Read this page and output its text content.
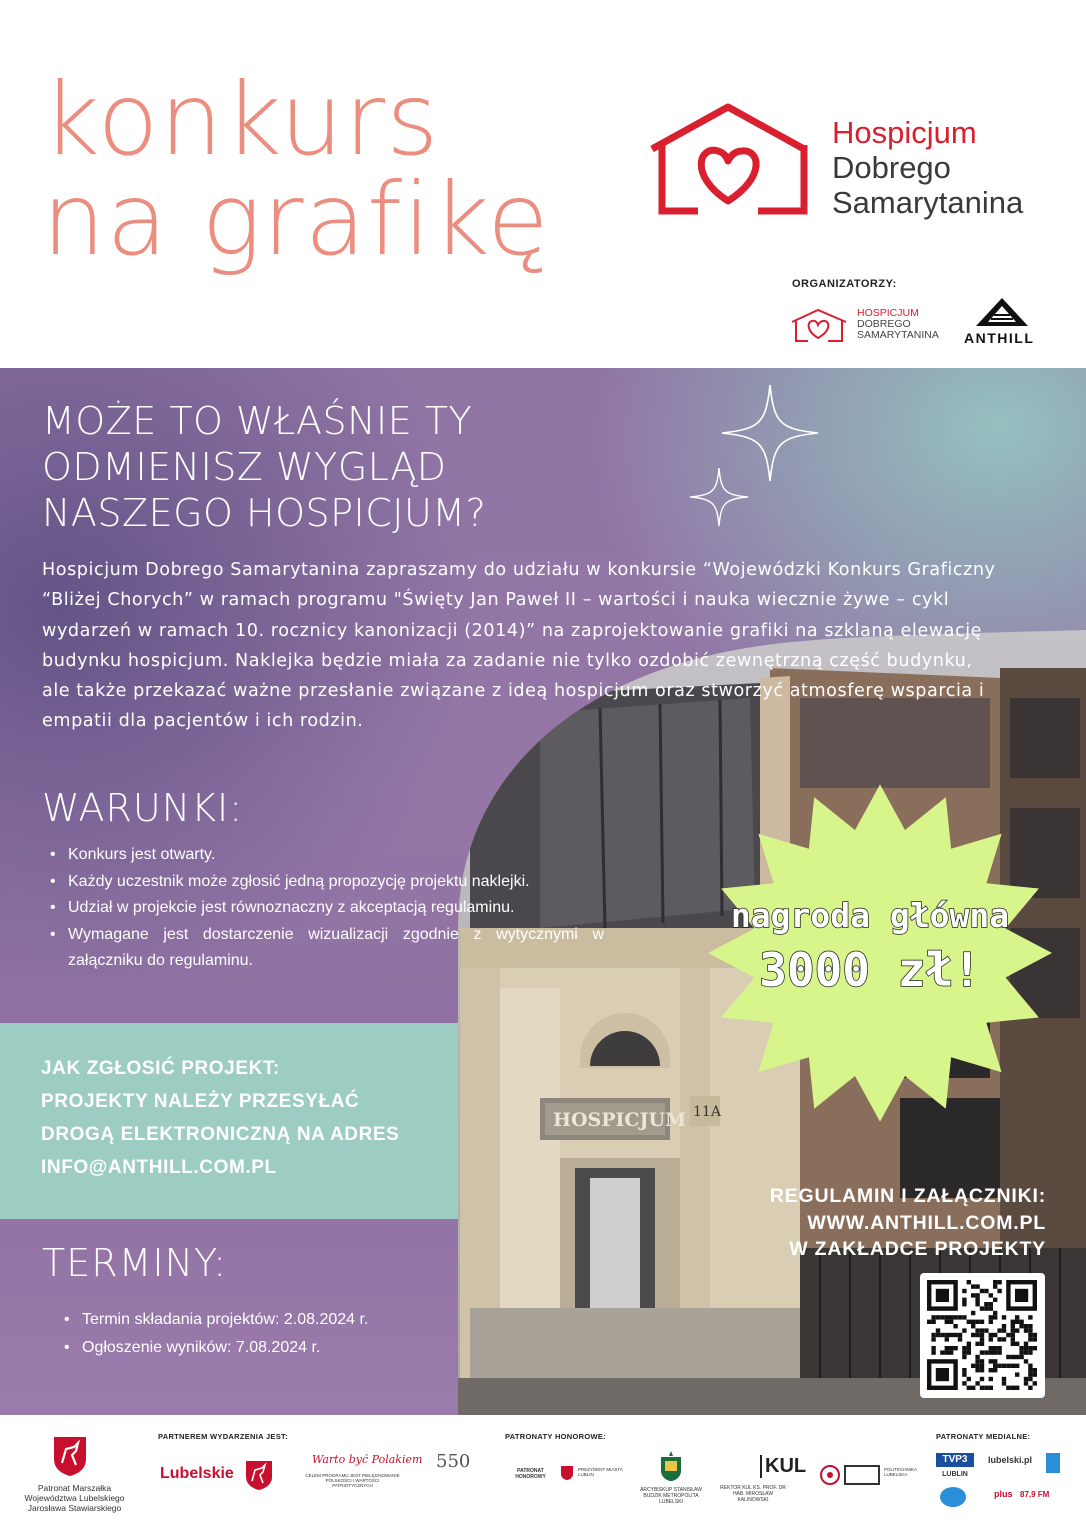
konkurs
na grafikę
Hospicjum
Dobrego
Samarytanina
ORGANIZATORZY:
HOSPICJUM
DOBREGO
SAMARYTANINA ANTHILL
HOSPICJUM 11A
MOŻE TO WŁAŚNIE TY ODMIENISZ WYGLĄD NASZEGO HOSPICJUM?
Hospicjum Dobrego Samarytanina zapraszamy do udziału w konkursie “Wojewódzki Konkurs Graficzny “Bliżej Chorych” w ramach programu "Święty Jan Paweł II – wartości i nauka wiecznie żywe – cykl wydarzeń w ramach 10. rocznicy kanonizacji (2014)” na zaprojektowanie grafiki na szklaną elewację budynku hospicjum. Naklejka będzie miała za zadanie nie tylko ozdobić zewnętrzną część budynku, ale także przekazać ważne przesłanie związane z ideą hospicjum oraz stworzyć atmosferę wsparcia i empatii dla pacjentów i ich rodzin.
WARUNKI:
• Konkurs jest otwarty.
• Każdy uczestnik może zgłosić jedną propozycję projektu naklejki.
• Udział w projekcie jest równoznaczny z akceptacją regulaminu.
• Wymagane jest dostarczenie wizualizacji zgodnie z wytycznymi w załączniku do regulaminu.
JAK ZGŁOSIĆ PROJEKT:
PROJEKTY NALEŻY PRZESYŁAĆ
DROGĄ ELEKTRONICZNĄ NA ADRES
INFO@ANTHILL.COM.PL
TERMINY:
• Termin składania projektów: 2.08.2024 r.
• Ogłoszenie wyników: 7.08.2024 r.
nagroda główna
3000 zł!
REGULAMIN I ZAŁĄCZNIKI:
WWW.ANTHILL.COM.PL
W ZAKŁADCE PROJEKTY
Patronat Marszałka Województwa Lubelskiego Jarosława Stawiarskiego
PARTNEREM WYDARZENIA JEST:
Lubelskie
Warto być Polakiem
CELEM PROGRAMU JEST PIELĘGNOWANIE POLSKOŚCI I WARTOŚCI PATRIOTYCZNYCH
550
PATRONATY HONOROWE:
PATRONAT HONOROWY
PREZYDENT MIASTA LUBLIN
ARCYBISKUP STANISŁAW BUDZIK METROPOLITA LUBELSKI
KUL
REKTOR KUL KS. PROF. DR HAB. MIROSŁAW KALINOWSKI
POLITECHNIKA LUBELSKA
PATRONATY MEDIALNE:
TVP3
LUBLIN
lubelski.pl
plus 87,9 FM
